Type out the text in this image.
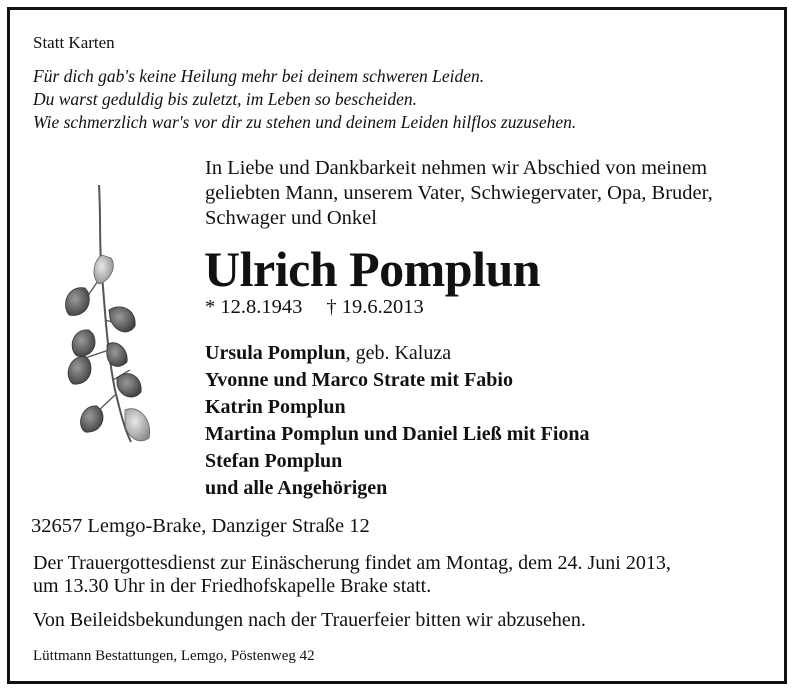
Statt Karten
Für dich gab's keine Heilung mehr bei deinem schweren Leiden.
Du warst geduldig bis zuletzt, im Leben so bescheiden.
Wie schmerzlich war's vor dir zu stehen und deinem Leiden hilflos zuzusehen.
In Liebe und Dankbarkeit nehmen wir Abschied von meinem
geliebten Mann, unserem Vater, Schwiegervater, Opa, Bruder,
Schwager und Onkel
Ulrich Pomplun
* 12.8.1943 † 19.6.2013
Ursula Pomplun, geb. Kaluza
Yvonne und Marco Strate mit Fabio
Katrin Pomplun
Martina Pomplun und Daniel Ließ mit Fiona
Stefan Pomplun
und alle Angehörigen
32657 Lemgo-Brake, Danziger Straße 12
Der Trauergottesdienst zur Einäscherung findet am Montag, dem 24. Juni 2013,
um 13.30 Uhr in der Friedhofskapelle Brake statt.
Von Beileidsbekundungen nach der Trauerfeier bitten wir abzusehen.
Lüttmann Bestattungen, Lemgo, Pöstenweg 42
